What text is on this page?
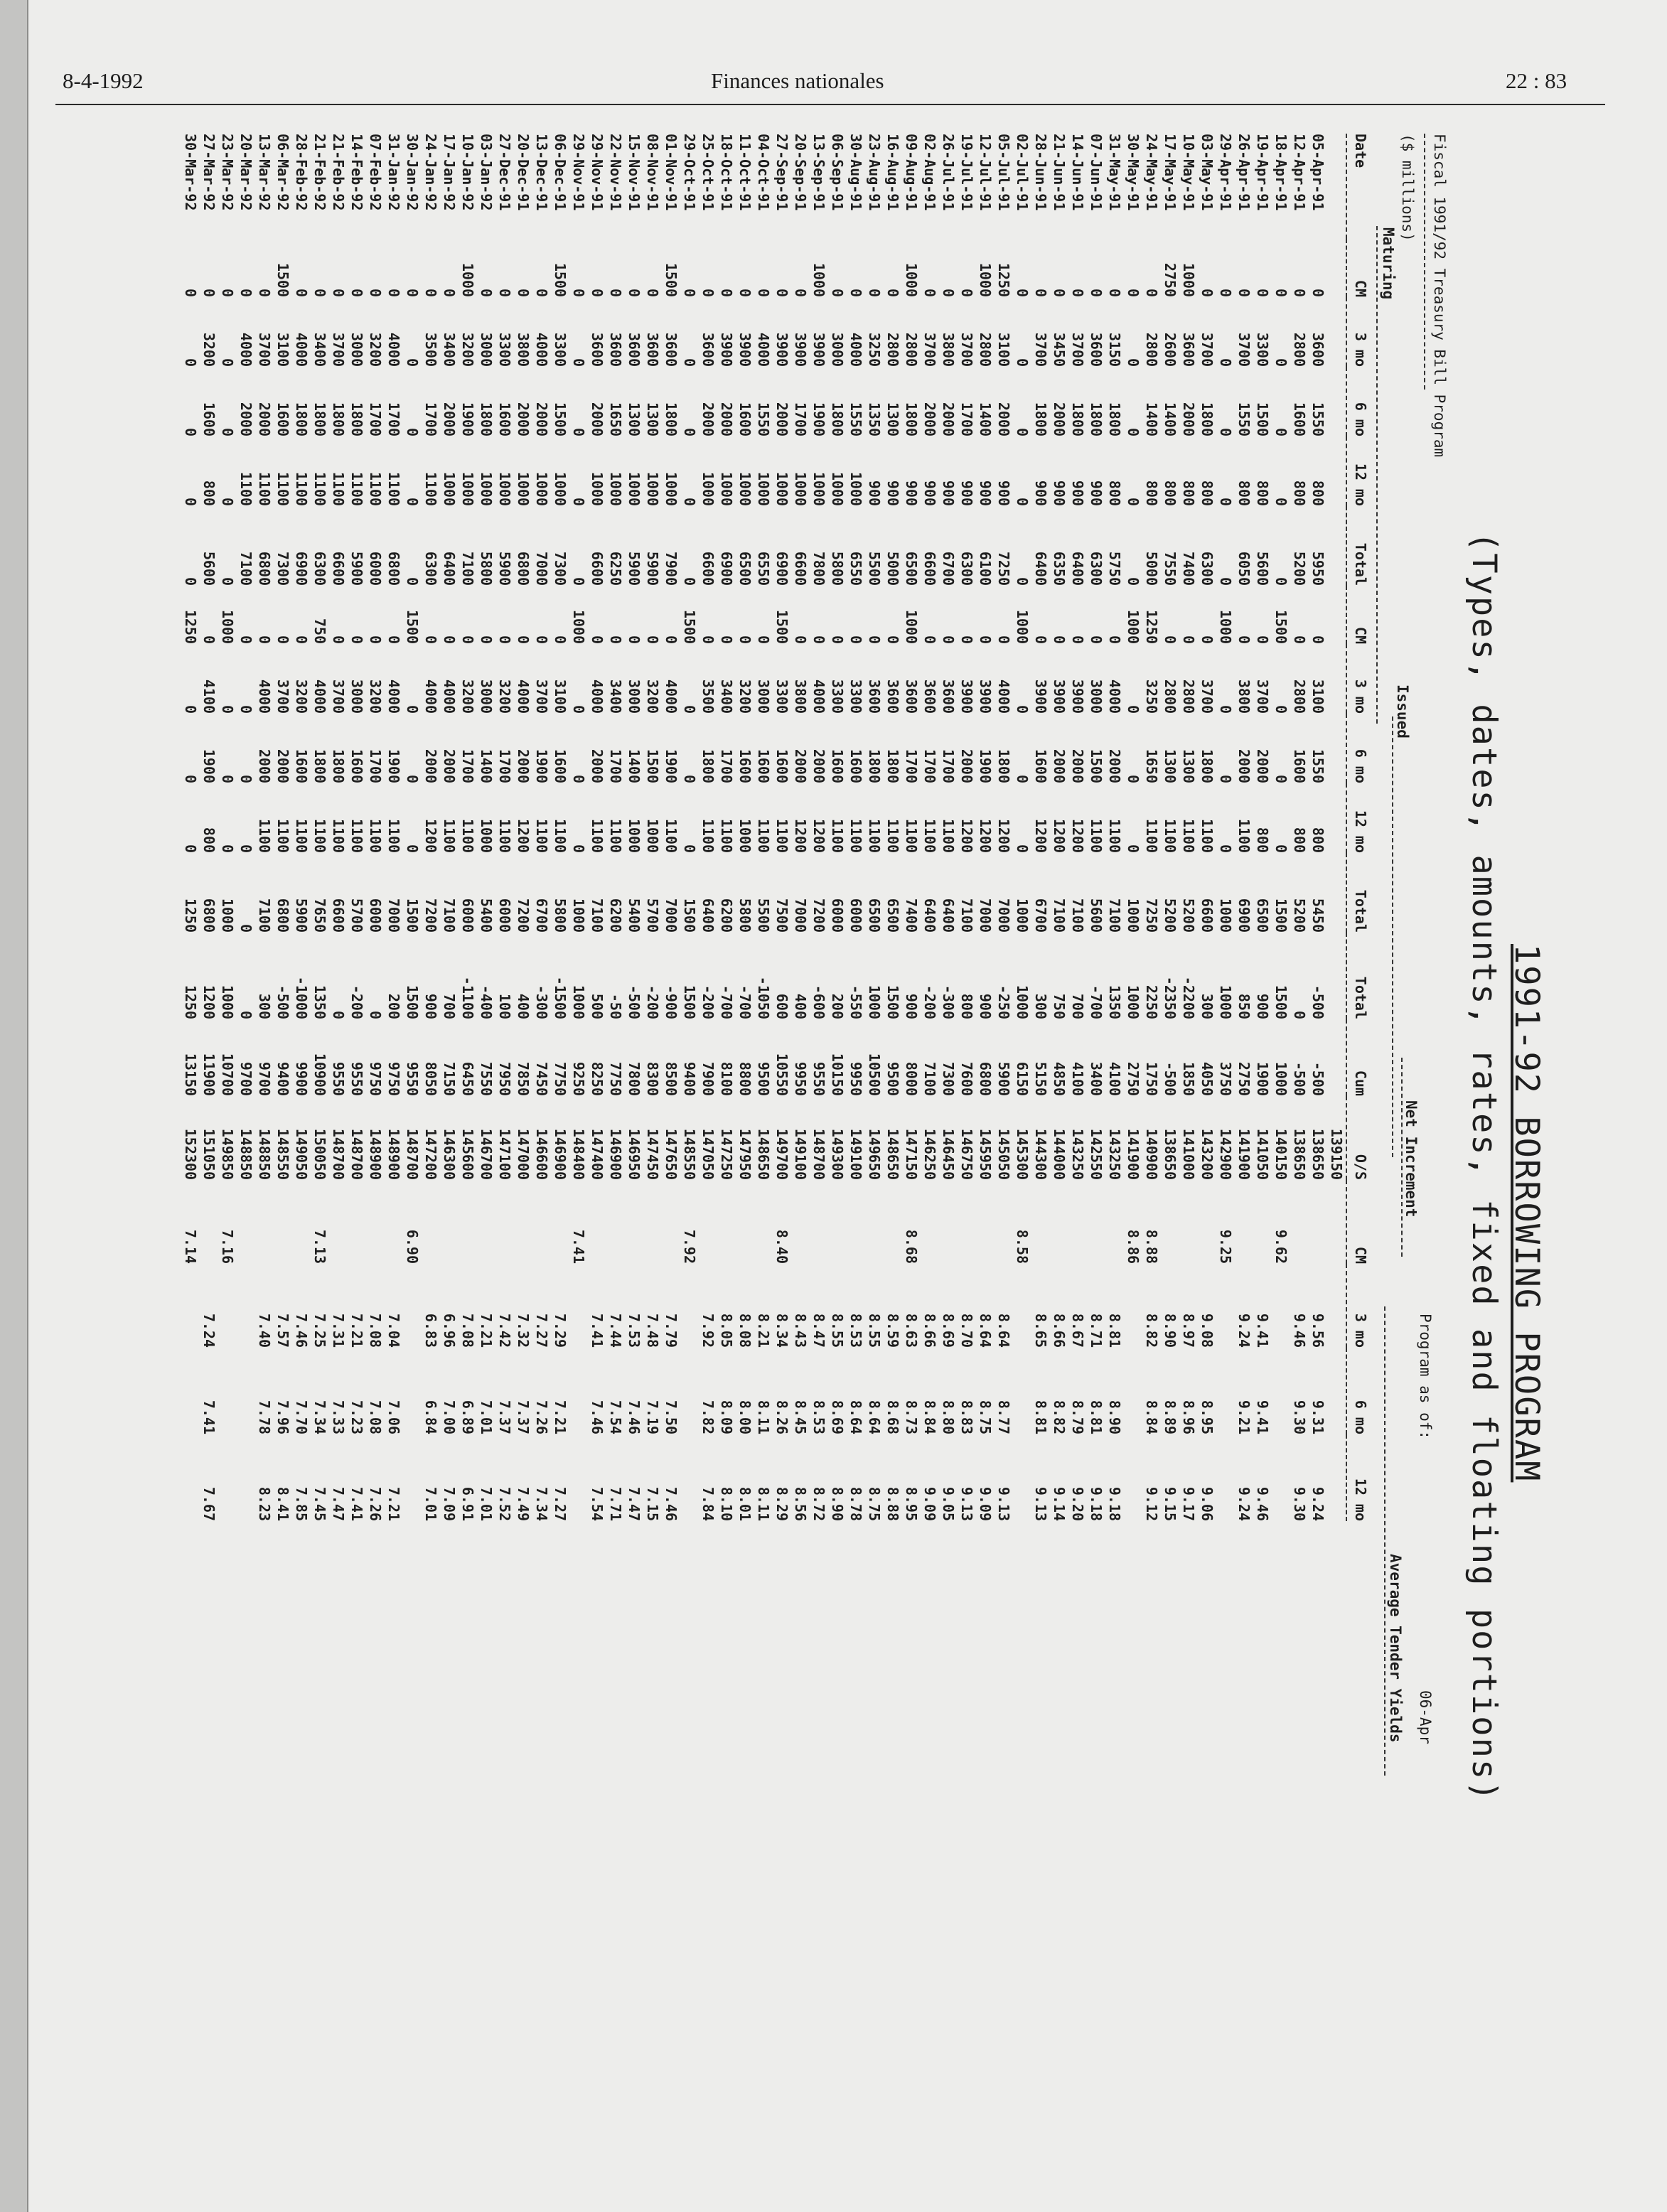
8-4-1992	Finances nationales	22 : 83
1991-92 BORROWING PROGRAM
(Types, dates, amounts, rates, fixed and floating portions)
Fiscal 1991/92 Treasury Bill Program
Program as of:
06-Apr
($ millions)
Maturing
Issued
Net Increment
Average Tender Yields
Date	CM	3 mo	6 mo	12 mo	Total	CM	3 mo	6 mo	12 mo	Total	Total	Cum	O/S	CM	3 mo	6 mo	12 mo
													139150				
05-Apr-91	0	3600	1550	800	5950	0	3100	1550	800	5450	-500	-500	138650		9.56	9.31	9.24
12-Apr-91	0	2800	1600	800	5200	0	2800	1600	800	5200	0	-500	138650		9.46	9.30	9.30
18-Apr-91	0	0	0	0	0	1500	0	0	0	1500	1500	1000	140150	9.62			
19-Apr-91	0	3300	1500	800	5600	0	3700	2000	800	6500	900	1900	141050		9.41	9.41	9.46
26-Apr-91	0	3700	1550	800	6050	0	3800	2000	1100	6900	850	2750	141900		9.24	9.21	9.24
29-Apr-91	0	0	0	0	0	1000	0	0	0	1000	1000	3750	142900	9.25			
03-May-91	0	3700	1800	800	6300	0	3700	1800	1100	6600	300	4050	143200		9.08	8.95	9.06
10-May-91	1000	3600	2000	800	7400	0	2800	1300	1100	5200	-2200	1850	141000		8.97	8.96	9.17
17-May-91	2750	2600	1400	800	7550	0	2800	1300	1100	5200	-2350	-500	138650		8.90	8.89	9.15
24-May-91	0	2800	1400	800	5000	1250	3250	1650	1100	7250	2250	1750	140900	8.88	8.82	8.84	9.12
30-May-91	0	0	0	0	0	1000	0	0	0	1000	1000	2750	141900	8.86			
31-May-91	0	3150	1800	800	5750	0	4000	2000	1100	7100	1350	4100	143250		8.81	8.90	9.18
07-Jun-91	0	3600	1800	900	6300	0	3000	1500	1100	5600	-700	3400	142550		8.71	8.81	9.18
14-Jun-91	0	3700	1800	900	6400	0	3900	2000	1200	7100	700	4100	143250		8.67	8.79	9.20
21-Jun-91	0	3450	2000	900	6350	0	3900	2000	1200	7100	750	4850	144000		8.66	8.82	9.14
28-Jun-91	0	3700	1800	900	6400	0	3900	1600	1200	6700	300	5150	144300		8.65	8.81	9.13
02-Jul-91	0	0	0	0	0	1000	0	0	0	1000	1000	6150	145300	8.58			
05-Jul-91	1250	3100	2000	900	7250	0	4000	1800	1200	7000	-250	5900	145050		8.64	8.77	9.13
12-Jul-91	1000	2800	1400	900	6100	0	3900	1900	1200	7000	900	6800	145950		8.64	8.75	9.09
19-Jul-91	0	3700	1700	900	6300	0	3900	2000	1200	7100	800	7600	146750		8.70	8.83	9.13
26-Jul-91	0	3800	2000	900	6700	0	3600	1700	1100	6400	-300	7300	146450		8.69	8.80	9.05
02-Aug-91	0	3700	2000	900	6600	0	3600	1700	1100	6400	-200	7100	146250		8.66	8.84	9.09
09-Aug-91	1000	2800	1800	900	6500	1000	3600	1700	1100	7400	900	8000	147150	8.68	8.63	8.73	8.95
16-Aug-91	0	2800	1300	900	5000	0	3600	1800	1100	6500	1500	9500	148650		8.59	8.68	8.88
23-Aug-91	0	3250	1350	900	5500	0	3600	1800	1100	6500	1000	10500	149650		8.55	8.64	8.75
30-Aug-91	0	4000	1550	1000	6550	0	3300	1600	1100	6000	-550	9950	149100		8.53	8.64	8.78
06-Sep-91	0	3000	1800	1000	5800	0	3300	1600	1100	6000	200	10150	149300		8.55	8.69	8.90
13-Sep-91	1000	3900	1900	1000	7800	0	4000	2000	1200	7200	-600	9550	148700		8.47	8.53	8.72
20-Sep-91	0	3900	1700	1000	6600	0	3800	2000	1200	7000	400	9950	149100		8.43	8.45	8.56
27-Sep-91	0	3900	2000	1000	6900	1500	3300	1600	1100	7500	600	10550	149700	8.40	8.34	8.26	8.29
04-Oct-91	0	4000	1550	1000	6550	0	3000	1600	1100	5500	-1050	9500	148650		8.21	8.11	8.11
11-Oct-91	0	3900	1600	1000	6500	0	3200	1600	1000	5800	-700	8800	147950		8.08	8.00	8.01
18-Oct-91	0	3900	2000	1000	6900	0	3400	1700	1100	6200	-700	8100	147250		8.05	8.09	8.10
25-Oct-91	0	3600	2000	1000	6600	0	3500	1800	1100	6400	-200	7900	147050		7.92	7.82	7.84
29-Oct-91	0	0	0	0	0	1500	0	0	0	1500	1500	9400	148550	7.92			
01-Nov-91	1500	3600	1800	1000	7900	0	4000	1900	1100	7000	-900	8500	147650		7.79	7.50	7.46
08-Nov-91	0	3600	1300	1000	5900	0	3200	1500	1000	5700	-200	8300	147450		7.48	7.19	7.15
15-Nov-91	0	3600	1300	1000	5900	0	3000	1400	1000	5400	-500	7800	146950		7.53	7.46	7.47
22-Nov-91	0	3600	1650	1000	6250	0	3400	1700	1100	6200	-50	7750	146900		7.44	7.54	7.71
29-Nov-91	0	3600	2000	1000	6600	0	4000	2000	1100	7100	500	8250	147400		7.41	7.46	7.54
29-Nov-91	0	0	0	0	0	1000	0	0	0	1000	1000	9250	148400	7.41			
06-Dec-91	1500	3300	1500	1000	7300	0	3100	1600	1100	5800	-1500	7750	146900		7.29	7.21	7.27
13-Dec-91	0	4000	2000	1000	7000	0	3700	1900	1100	6700	-300	7450	146600		7.27	7.26	7.34
20-Dec-91	0	3800	2000	1000	6800	0	4000	2000	1200	7200	400	7850	147000		7.32	7.37	7.49
27-Dec-91	0	3300	1600	1000	5900	0	3200	1700	1100	6000	100	7950	147100		7.42	7.37	7.52
03-Jan-92	0	3000	1800	1000	5800	0	3000	1400	1000	5400	-400	7550	146700		7.21	7.01	7.01
10-Jan-92	1000	3200	1900	1000	7100	0	3200	1700	1100	6000	-1100	6450	145600		7.08	6.89	6.91
17-Jan-92	0	3400	2000	1000	6400	0	4000	2000	1100	7100	700	7150	146300		6.96	7.00	7.09
24-Jan-92	0	3500	1700	1100	6300	0	4000	2000	1200	7200	900	8050	147200		6.83	6.84	7.01
30-Jan-92	0	0	0	0	0	1500	0	0	0	1500	1500	9550	148700	6.90			
31-Jan-92	0	4000	1700	1100	6800	0	4000	1900	1100	7000	200	9750	148900		7.04	7.06	7.21
07-Feb-92	0	3200	1700	1100	6000	0	3200	1700	1100	6000	0	9750	148900		7.08	7.08	7.26
14-Feb-92	0	3000	1800	1100	5900	0	3000	1600	1100	5700	-200	9550	148700		7.21	7.23	7.41
21-Feb-92	0	3700	1800	1100	6600	0	3700	1800	1100	6600	0	9550	148700		7.31	7.33	7.47
21-Feb-92	0	3400	1800	1100	6300	750	4000	1800	1100	7650	1350	10900	150050	7.13	7.25	7.34	7.45
28-Feb-92	0	4000	1800	1100	6900	0	3200	1600	1100	5900	-1000	9900	149050		7.46	7.70	7.85
06-Mar-92	1500	3100	1600	1100	7300	0	3700	2000	1100	6800	-500	9400	148550		7.57	7.96	8.41
13-Mar-92	0	3700	2000	1100	6800	0	4000	2000	1100	7100	300	9700	148850		7.40	7.78	8.23
20-Mar-92	0	4000	2000	1100	7100	0	0	0	0	0	0	9700	148850				
23-Mar-92	0	0	0	0	0	1000	0	0	0	1000	1000	10700	149850	7.16			
27-Mar-92	0	3200	1600	800	5600	0	4100	1900	800	6800	1200	11900	151050		7.24	7.41	7.67
30-Mar-92	0	0	0	0	0	1250	0	0	0	1250	1250	13150	152300	7.14			
